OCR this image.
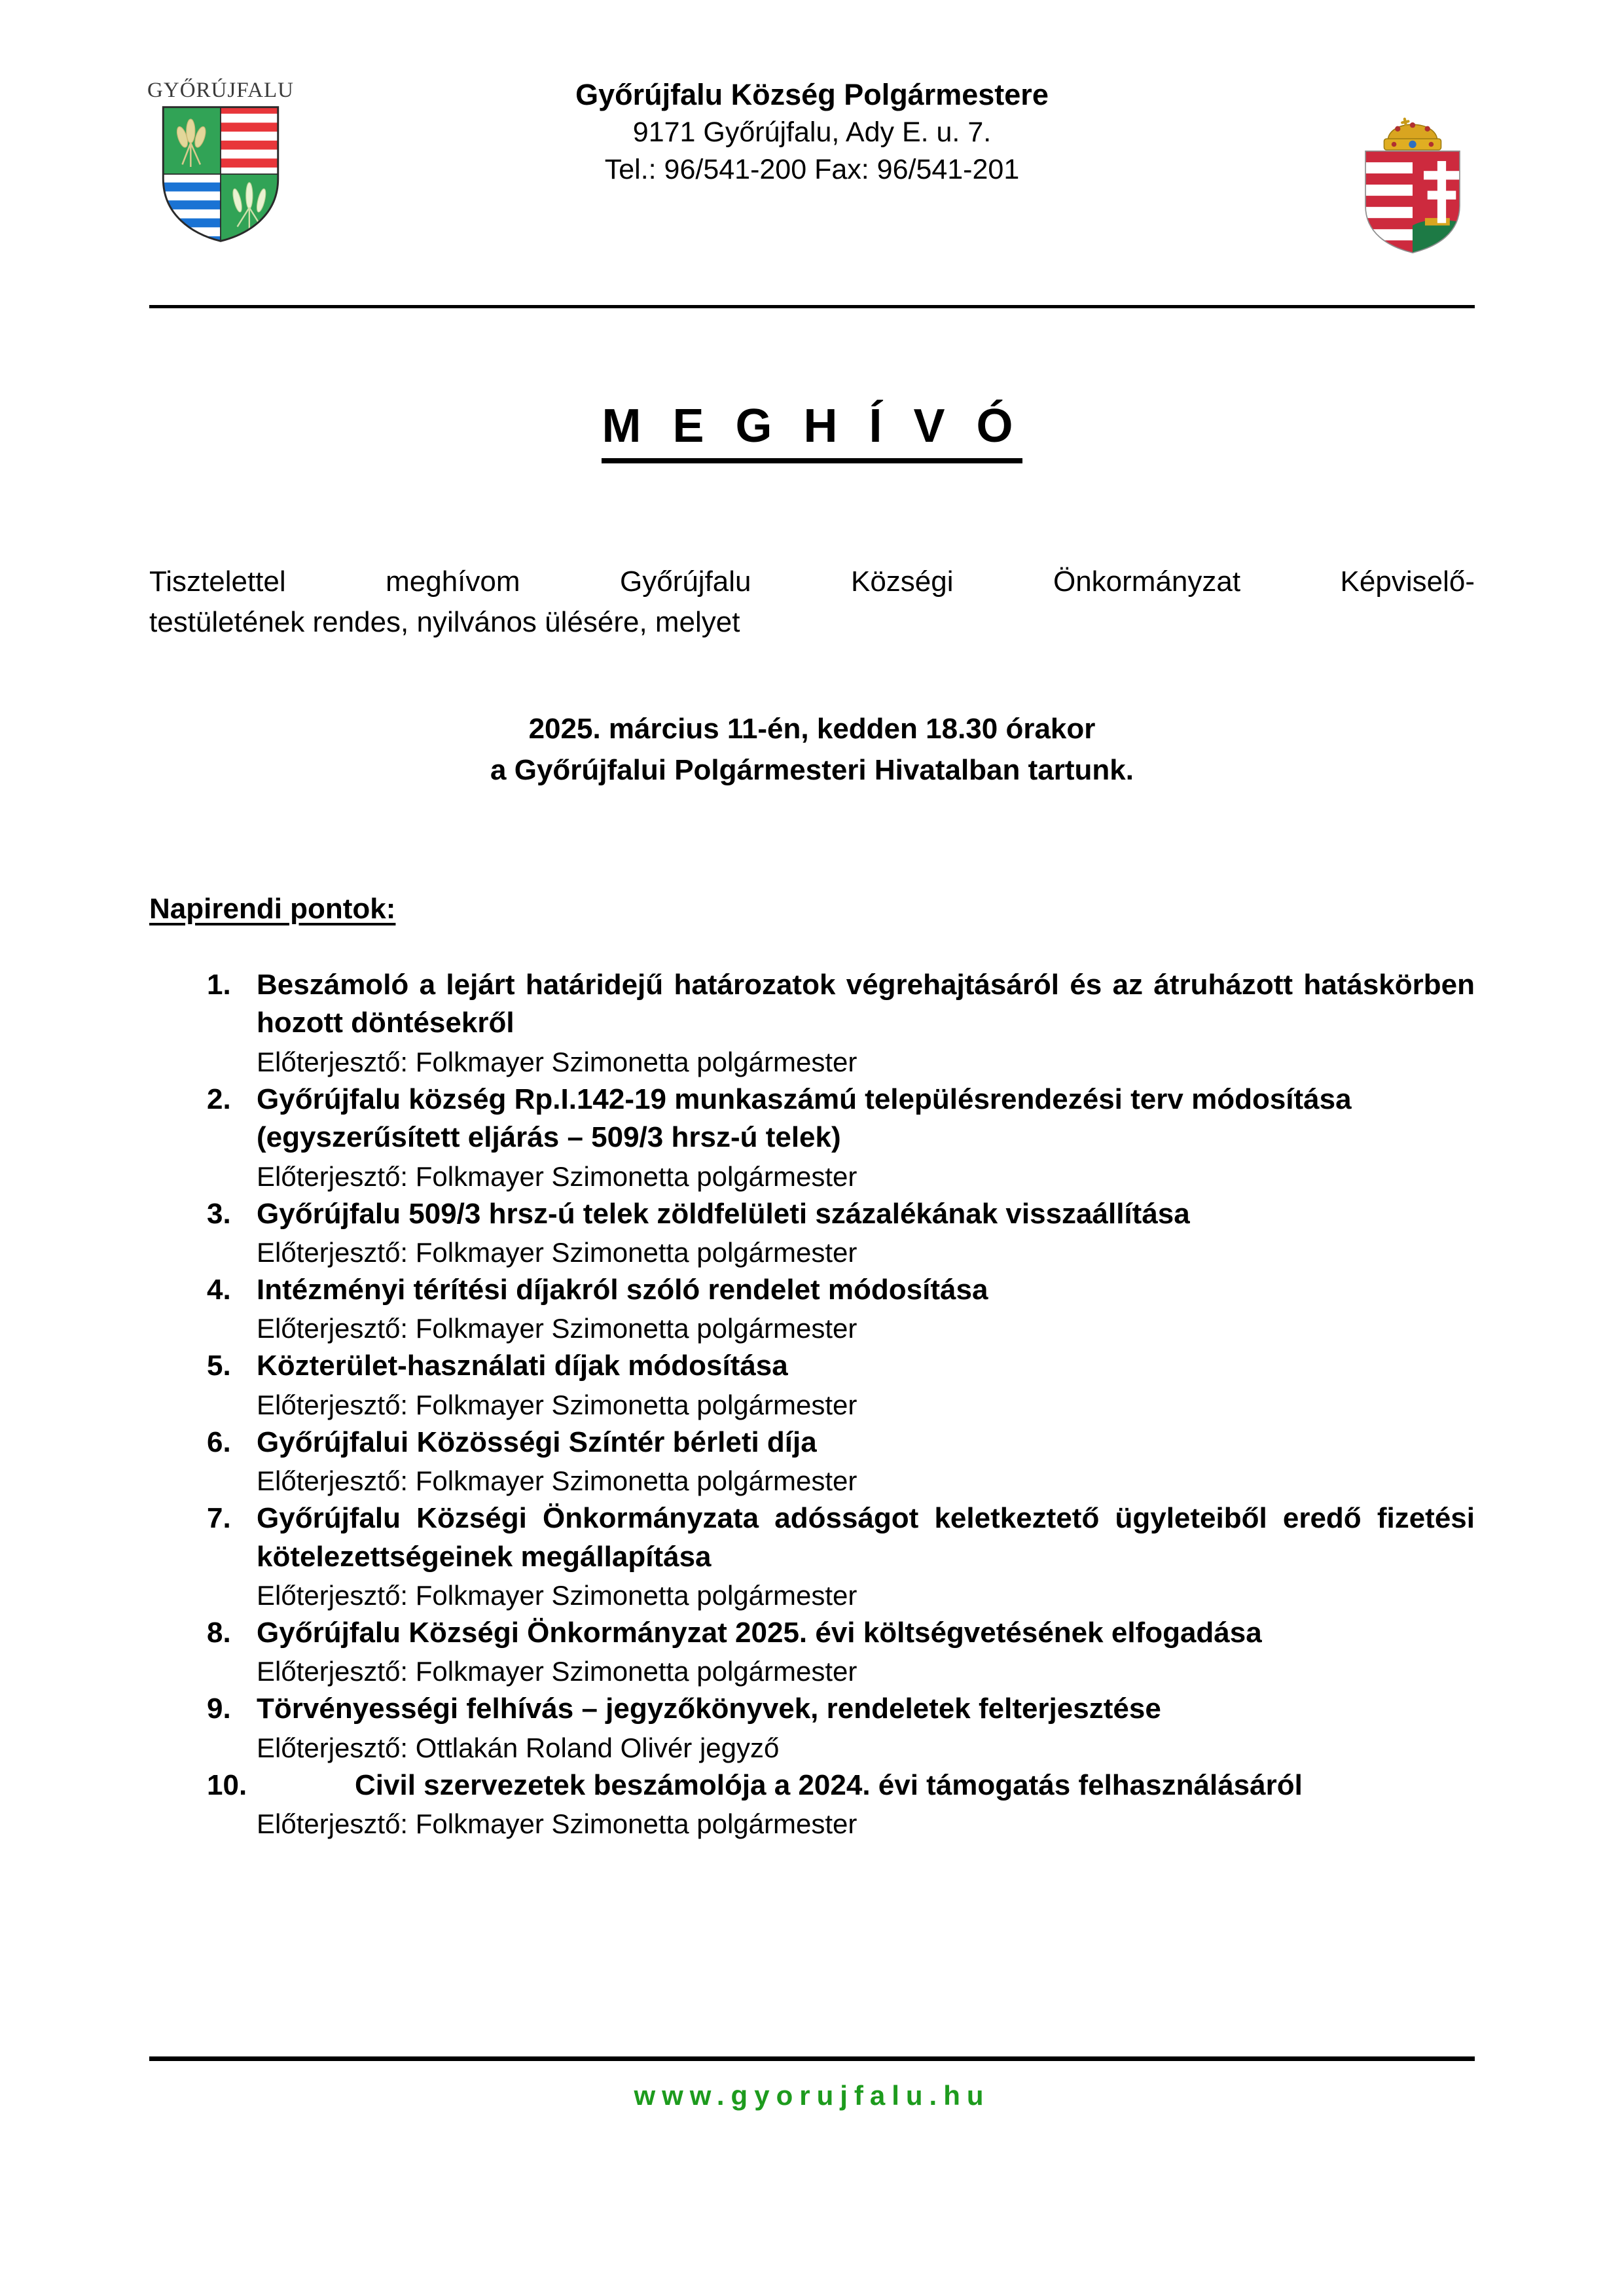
GYŐRÚJFALU	Győrújfalu Község Polgármestere
9171 Győrújfalu, Ady E. u. 7.
Tel.: 96/541-200 Fax: 96/541-201
M E G H Í V Ó
Tisztelettel meghívom Győrújfalu Községi Önkormányzat Képviselő-
testületének rendes, nyilvános ülésére, melyet
2025. március 11-én, kedden 18.30 órakor
a Győrújfalui Polgármesteri Hivatalban tartunk.
Napirendi pontok:
1. Beszámoló a lejárt határidejű határozatok végrehajtásáról és az átruházott hatáskörben hozott döntésekről
Előterjesztő: Folkmayer Szimonetta polgármester
2. Győrújfalu község Rp.I.142-19 munkaszámú településrendezési terv módosítása (egyszerűsített eljárás – 509/3 hrsz-ú telek)
Előterjesztő: Folkmayer Szimonetta polgármester
3. Győrújfalu 509/3 hrsz-ú telek zöldfelületi százalékának visszaállítása
Előterjesztő: Folkmayer Szimonetta polgármester
4. Intézményi térítési díjakról szóló rendelet módosítása
Előterjesztő: Folkmayer Szimonetta polgármester
5. Közterület-használati díjak módosítása
Előterjesztő: Folkmayer Szimonetta polgármester
6. Győrújfalui Közösségi Színtér bérleti díja
Előterjesztő: Folkmayer Szimonetta polgármester
7. Győrújfalu Községi Önkormányzata adósságot keletkeztető ügyleteiből eredő fizetési kötelezettségeinek megállapítása
Előterjesztő: Folkmayer Szimonetta polgármester
8. Győrújfalu Községi Önkormányzat 2025. évi költségvetésének elfogadása
Előterjesztő: Folkmayer Szimonetta polgármester
9. Törvényességi felhívás – jegyzőkönyvek, rendeletek felterjesztése
Előterjesztő: Ottlakán Roland Olivér jegyző
10.	Civil szervezetek beszámolója a 2024. évi támogatás felhasználásáról
Előterjesztő: Folkmayer Szimonetta polgármester
www.gyorujfalu.hu
